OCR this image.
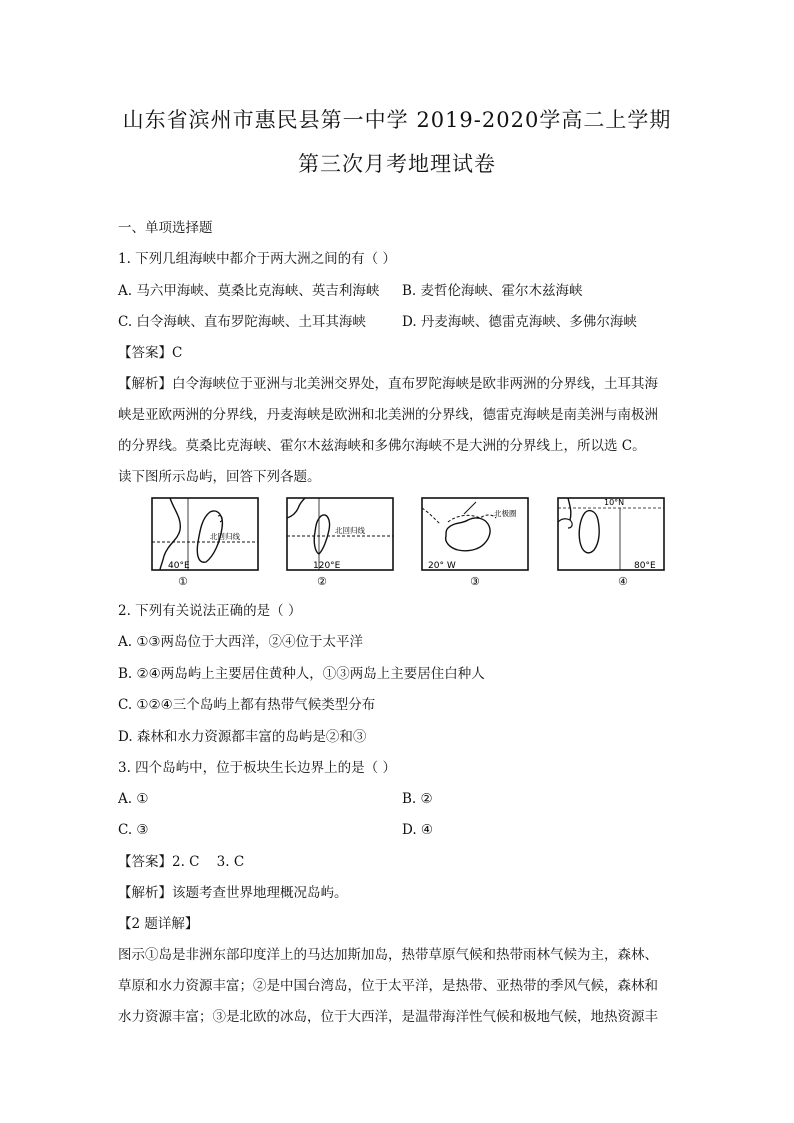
山东省滨州市惠民县第一中学 2019-2020学高二上学期
第三次月考地理试卷
一、单项选择题
1. 下列几组海峡中都介于两大洲之间的有（ ）
A. 马六甲海峡、莫桑比克海峡、英吉利海峡	B. 麦哲伦海峡、霍尔木兹海峡
C. 白令海峡、直布罗陀海峡、土耳其海峡	D. 丹麦海峡、德雷克海峡、多佛尔海峡
【答案】C
【解析】白令海峡位于亚洲与北美洲交界处，直布罗陀海峡是欧非两洲的分界线，土耳其海
峡是亚欧两洲的分界线，丹麦海峡是欧洲和北美洲的分界线，德雷克海峡是南美洲与南极洲
的分界线。莫桑比克海峡、霍尔木兹海峡和多佛尔海峡不是大洲的分界线上，所以选 C。
读下图所示岛屿，回答下列各题。
北回归线
40°E
①
北回归线
120°E
②
北极圈
20° W
③
10°N
80°E
④
2. 下列有关说法正确的是（ ）
A. ①③两岛位于大西洋，②④位于太平洋
B. ②④两岛屿上主要居住黄种人，①③两岛上主要居住白种人
C. ①②④三个岛屿上都有热带气候类型分布
D. 森林和水力资源都丰富的岛屿是②和③
3. 四个岛屿中，位于板块生长边界上的是（ ）
A. ①	B. ②
C. ③	D. ④
【答案】2. C    3. C
【解析】该题考查世界地理概况岛屿。
【2 题详解】
图示①岛是非洲东部印度洋上的马达加斯加岛，热带草原气候和热带雨林气候为主，森林、
草原和水力资源丰富；②是中国台湾岛，位于太平洋，是热带、亚热带的季风气候，森林和
水力资源丰富；③是北欧的冰岛，位于大西洋，是温带海洋性气候和极地气候，地热资源丰
